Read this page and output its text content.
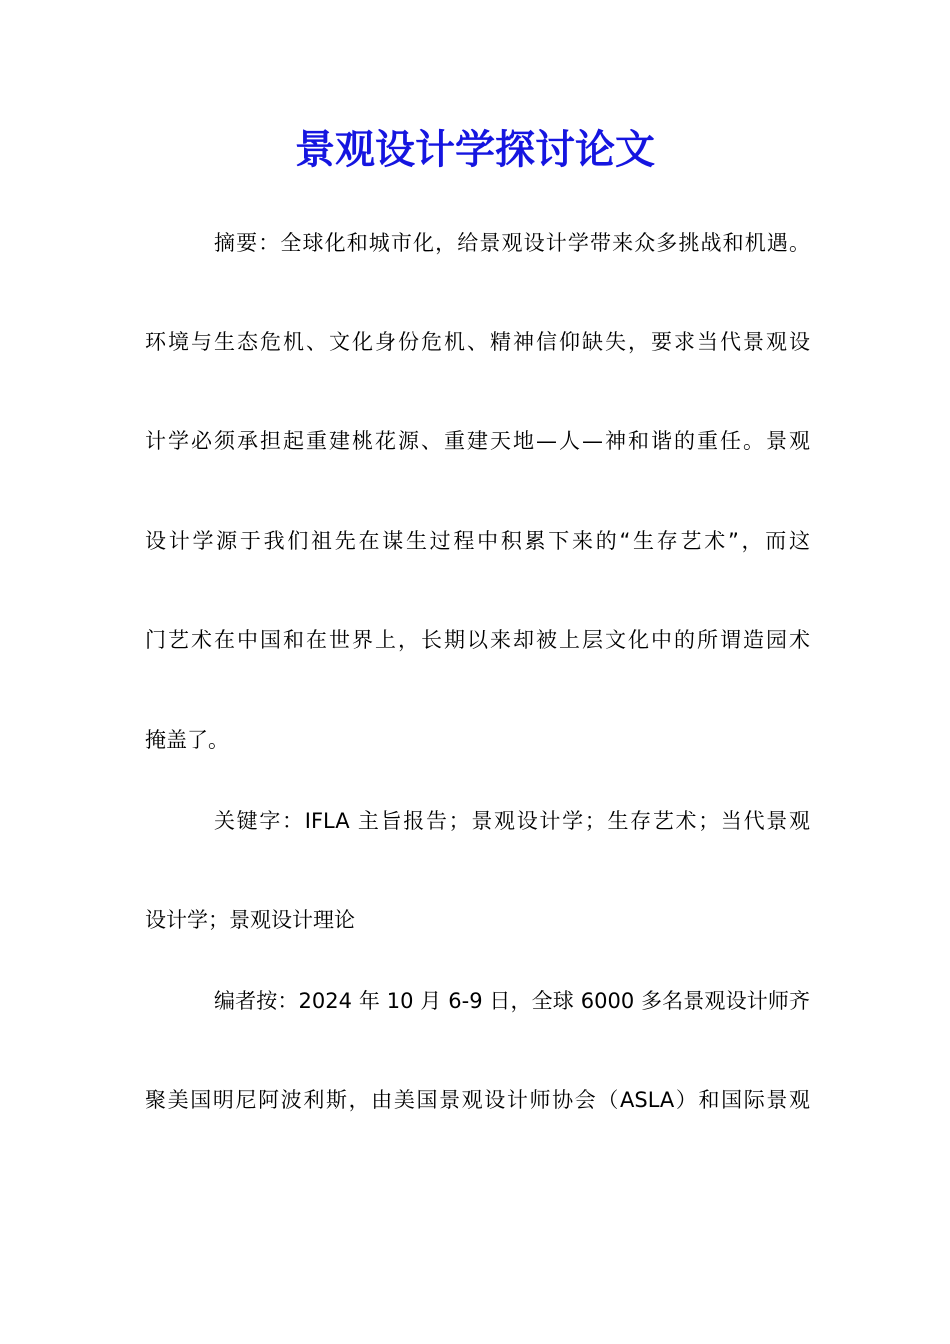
景观设计学探讨论文
摘要：全球化和城市化，给景观设计学带来众多挑战和机遇。
环境与生态危机、文化身份危机、精神信仰缺失，要求当代景观设
计学必须承担起重建桃花源、重建天地—人—神和谐的重任。景观
设计学源于我们祖先在谋生过程中积累下来的“生存艺术”，而这
门艺术在中国和在世界上，长期以来却被上层文化中的所谓造园术
掩盖了。
关键字：IFLA 主旨报告；景观设计学；生存艺术；当代景观
设计学；景观设计理论
编者按：2024 年 10 月 6-9 日，全球 6000 多名景观设计师齐
聚美国明尼阿波利斯，由美国景观设计师协会（ASLA）和国际景观
